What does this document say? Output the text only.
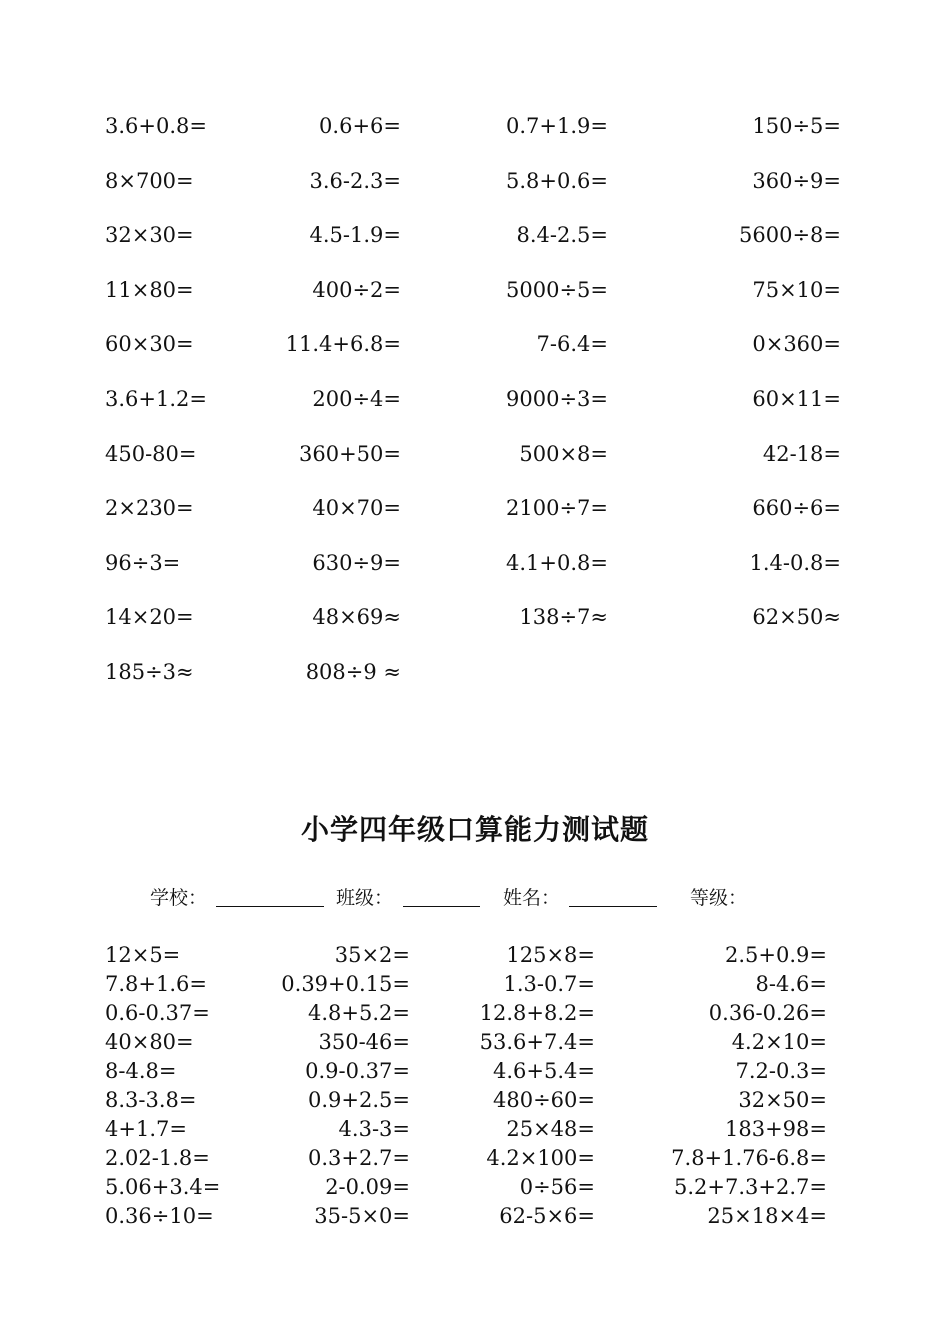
3.6+0.8=	0.6+6=	0.7+1.9=	150÷5=
8×700=	3.6-2.3=	5.8+0.6=	360÷9=
32×30=	4.5-1.9=	8.4-2.5=	5600÷8=
11×80=	400÷2=	5000÷5=	75×10=
60×30=	11.4+6.8=	7-6.4=	0×360=
3.6+1.2=	200÷4=	9000÷3=	60×11=
450-80=	360+50=	500×8=	42-18=
2×230=	40×70=	2100÷7=	660÷6=
96÷3=	630÷9=	4.1+0.8=	1.4-0.8=
14×20=	48×69≈	138÷7≈	62×50≈
185÷3≈	808÷9 ≈
小学四年级口算能力测试题
学校：	班级：	姓名：	等级：
12×5=	35×2=	125×8=	2.5+0.9=
7.8+1.6=	0.39+0.15=	1.3-0.7=	8-4.6=
0.6-0.37=	4.8+5.2=	12.8+8.2=	0.36-0.26=
40×80=	350-46=	53.6+7.4=	4.2×10=
8-4.8=	0.9-0.37=	4.6+5.4=	7.2-0.3=
8.3-3.8=	0.9+2.5=	480÷60=	32×50=
4+1.7=	4.3-3=	25×48=	183+98=
2.02-1.8=	0.3+2.7=	4.2×100=	7.8+1.76-6.8=
5.06+3.4=	2-0.09=	0÷56=	5.2+7.3+2.7=
0.36÷10=	35-5×0=	62-5×6=	25×18×4=
